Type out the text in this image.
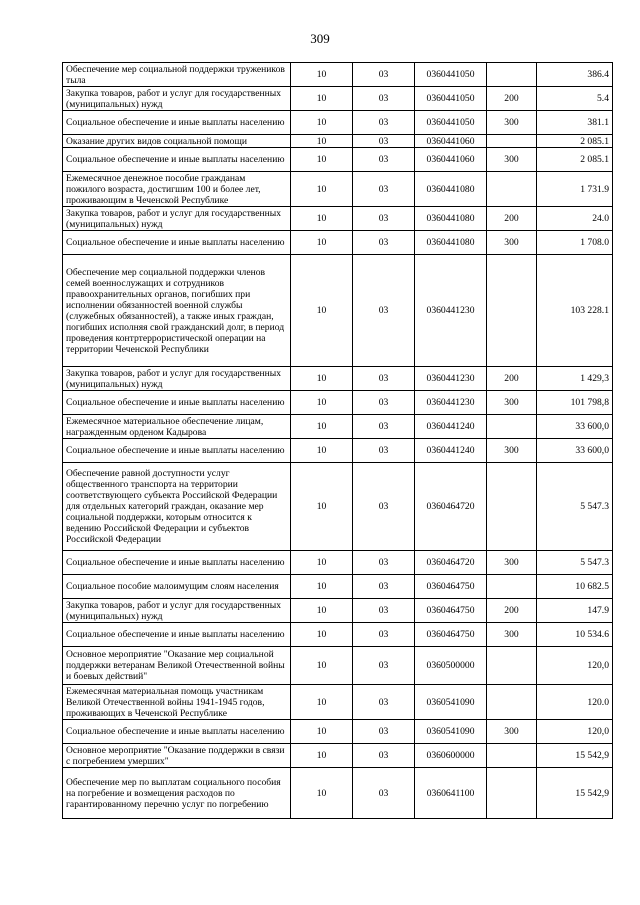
309
Обеспечение мер социальной поддержки тружеников тыла	10	03	0360441050		386.4
Закупка товаров, работ и услуг для государственных (муниципальных) нужд	10	03	0360441050	200	5.4
Социальное обеспечение и иные выплаты населению	10	03	0360441050	300	381.1
Оказание других видов социальной помощи	10	03	0360441060		2 085.1
Социальное обеспечение и иные выплаты населению	10	03	0360441060	300	2 085.1
Ежемесячное денежное пособие гражданам пожилого возраста, достигшим 100 и более лет, проживающим в Чеченской Республике	10	03	0360441080		1 731.9
Закупка товаров, работ и услуг для государственных (муниципальных) нужд	10	03	0360441080	200	24.0
Социальное обеспечение и иные выплаты населению	10	03	0360441080	300	1 708.0
Обеспечение мер социальной поддержки членов семей военнослужащих и сотрудников правоохранительных органов, погибших при исполнении обязанностей военной службы (служебных обязанностей), а также иных граждан, погибших исполняя свой гражданский долг, в период проведения контртеррористической операции на территории Чеченской Республики	10	03	0360441230		103 228.1
Закупка товаров, работ и услуг для государственных (муниципальных) нужд	10	03	0360441230	200	1 429,3
Социальное обеспечение и иные выплаты населению	10	03	0360441230	300	101 798,8
Ежемесячное материальное обеспечение лицам, награжденным орденом Кадырова	10	03	0360441240		33 600,0
Социальное обеспечение и иные выплаты населению	10	03	0360441240	300	33 600,0
Обеспечение равной доступности услуг общественного транспорта на территории соответствующего субъекта Российской Федерации для отдельных категорий граждан, оказание мер социальной поддержки, которым относится к ведению Российской Федерации и субъектов Российской Федерации	10	03	0360464720		5 547.3
Социальное обеспечение и иные выплаты населению	10	03	0360464720	300	5 547.3
Социальное пособие малоимущим слоям населения	10	03	0360464750		10 682.5
Закупка товаров, работ и услуг для государственных (муниципальных) нужд	10	03	0360464750	200	147.9
Социальное обеспечение и иные выплаты населению	10	03	0360464750	300	10 534.6
Основное мероприятие "Оказание мер социальной поддержки ветеранам Великой Отечественной войны и боевых действий"	10	03	0360500000		120,0
Ежемесячная материальная помощь участникам Великой Отечественной войны 1941-1945 годов, проживающих в Чеченской Республике	10	03	0360541090		120.0
Социальное обеспечение и иные выплаты населению	10	03	0360541090	300	120,0
Основное мероприятие "Оказание поддержки в связи с погребением умерших"	10	03	0360600000		15 542,9
Обеспечение мер по выплатам социального пособия на погребение и возмещения расходов по гарантированному перечню услуг по погребению	10	03	0360641100		15 542,9
